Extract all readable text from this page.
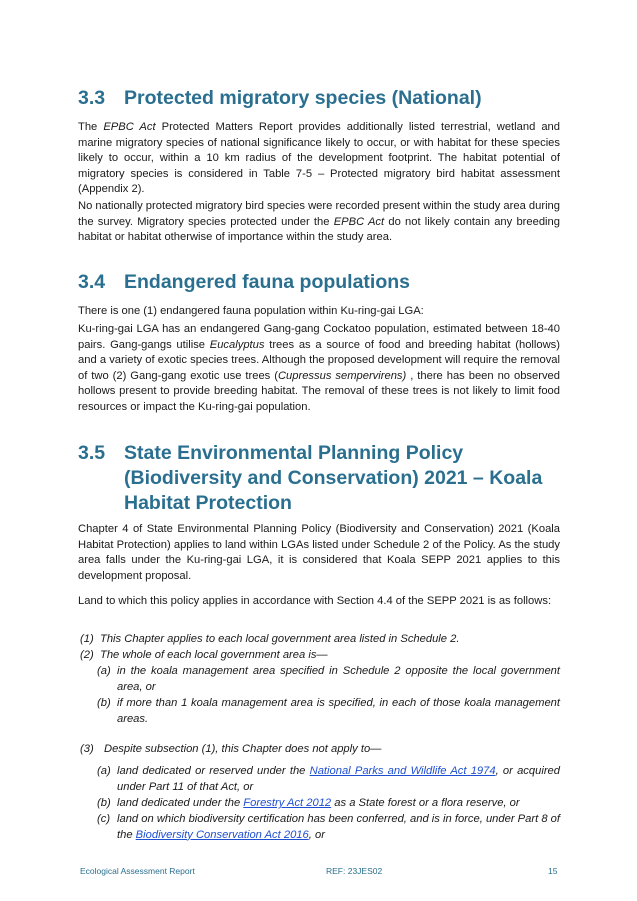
3.3 Protected migratory species (National)

The EPBC Act Protected Matters Report provides additionally listed terrestrial, wetland and marine migratory species of national significance likely to occur, or with habitat for these species likely to occur, within a 10 km radius of the development footprint. The habitat potential of migratory species is considered in Table 7-5 – Protected migratory bird habitat assessment (Appendix 2).

No nationally protected migratory bird species were recorded present within the study area during the survey. Migratory species protected under the EPBC Act do not likely contain any breeding habitat or habitat otherwise of importance within the study area.

3.4 Endangered fauna populations

There is one (1) endangered fauna population within Ku-ring-gai LGA:

Ku-ring-gai LGA has an endangered Gang-gang Cockatoo population, estimated between 18-40 pairs. Gang-gangs utilise Eucalyptus trees as a source of food and breeding habitat (hollows) and a variety of exotic species trees. Although the proposed development will require the removal of two (2) Gang-gang exotic use trees (Cupressus sempervirens) , there has been no observed hollows present to provide breeding habitat. The removal of these trees is not likely to limit food resources or impact the Ku-ring-gai population.

3.5 State Environmental Planning Policy (Biodiversity and Conservation) 2021 – Koala Habitat Protection

Chapter 4 of State Environmental Planning Policy (Biodiversity and Conservation) 2021 (Koala Habitat Protection) applies to land within LGAs listed under Schedule 2 of the Policy. As the study area falls under the Ku-ring-gai LGA, it is considered that Koala SEPP 2021 applies to this development proposal.

Land to which this policy applies in accordance with Section 4.4 of the SEPP 2021 is as follows:

(1) This Chapter applies to each local government area listed in Schedule 2.
(2) The whole of each local government area is—
(a) in the koala management area specified in Schedule 2 opposite the local government area, or
(b) if more than 1 koala management area is specified, in each of those koala management areas.
(3) Despite subsection (1), this Chapter does not apply to—
(a) land dedicated or reserved under the National Parks and Wildlife Act 1974, or acquired under Part 11 of that Act, or
(b) land dedicated under the Forestry Act 2012 as a State forest or a flora reserve, or
(c) land on which biodiversity certification has been conferred, and is in force, under Part 8 of the Biodiversity Conservation Act 2016, or
Ecological Assessment Report	REF: 23JES02	15
